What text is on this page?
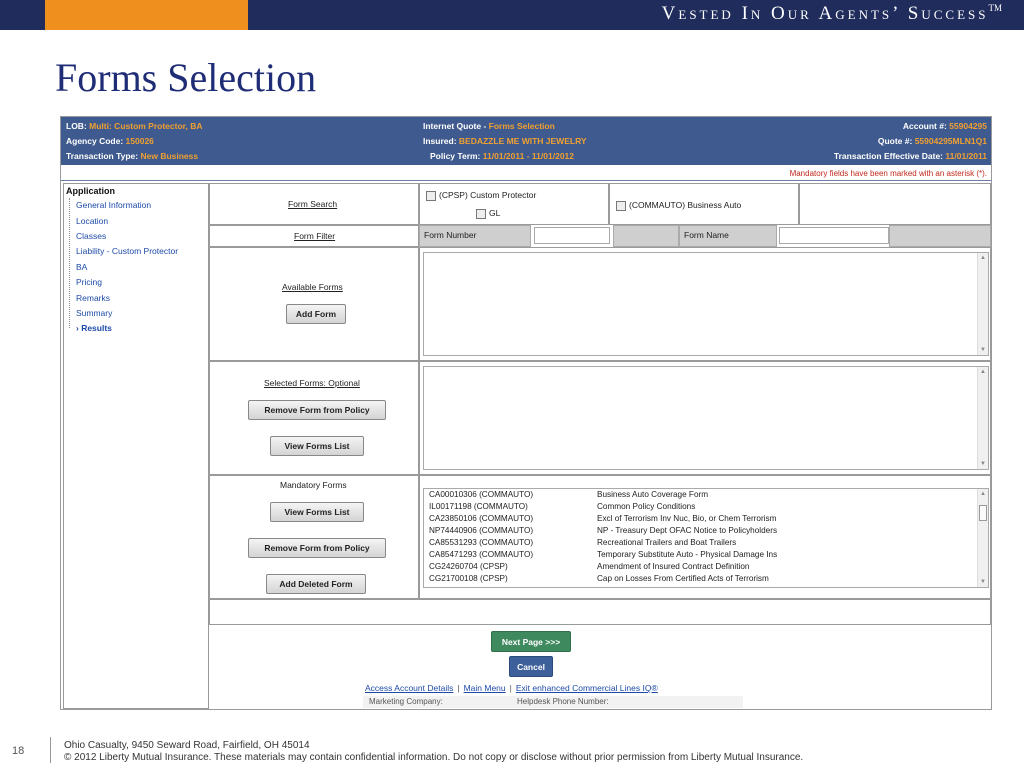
Vested In Our Agents’ Success™
Forms Selection
LOB: Multi: Custom Protector, BA	Internet Quote - Forms Selection	Account #: 55904295
Agency Code: 150026	Insured: BEDAZZLE ME WITH JEWELRY	Quote #: 55904295MLN1Q1
Transaction Type: New Business	Policy Term: 11/01/2011 - 11/01/2012	Transaction Effective Date: 11/01/2011
Mandatory fields have been marked with an asterisk (*).
Application
General Information
Location
Classes
Liability - Custom Protector
BA
Pricing
Remarks
Summary
› Results
Form Search
(CPSP) Custom Protector
GL
(COMMAUTO) Business Auto
Form Filter	Form Number	Form Name
Available Forms
Add Form
▲
▼
Selected Forms: Optional
Remove Form from Policy
View Forms List
▲
▼
Mandatory Forms
View Forms List
Remove Form from Policy
Add Deleted Form
CA00010306 (COMMAUTO)	Business Auto Coverage Form
IL00171198 (COMMAUTO)	Common Policy Conditions
CA23850106 (COMMAUTO)	Excl of Terrorism Inv Nuc, Bio, or Chem Terrorism
NP74440906 (COMMAUTO)	NP - Treasury Dept OFAC Notice to Policyholders
CA85531293 (COMMAUTO)	Recreational Trailers and Boat Trailers
CA85471293 (COMMAUTO)	Temporary Substitute Auto - Physical Damage Ins
CG24260704 (CPSP)	Amendment of Insured Contract Definition
CG21700108 (CPSP)	Cap on Losses From Certified Acts of Terrorism
▲
▼
Next Page >>>
Cancel
Access Account Details | Main Menu | Exit enhanced Commercial Lines IQ®
Marketing Company:	Helpdesk Phone Number:
18	Ohio Casualty, 9450 Seward Road, Fairfield, OH 45014
© 2012 Liberty Mutual Insurance. These materials may contain confidential information. Do not copy or disclose without prior permission from Liberty Mutual Insurance.
